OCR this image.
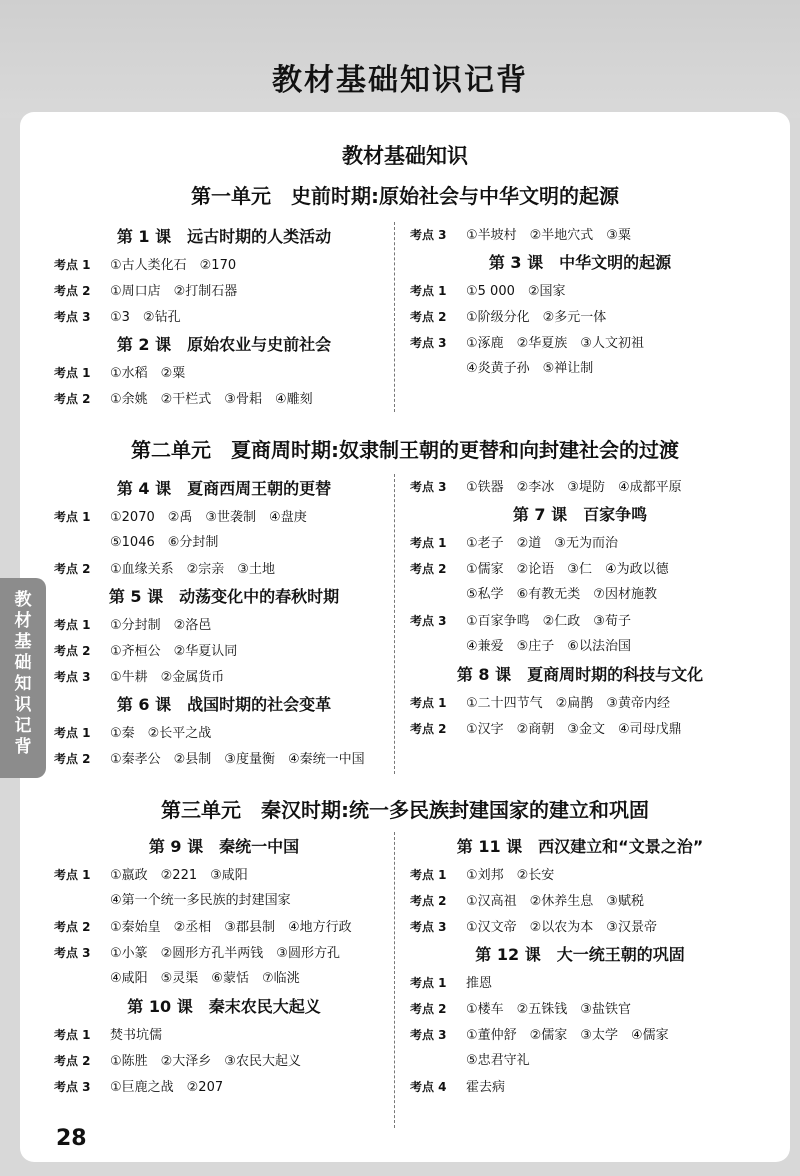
教材基础知识记背
教材基础知识
第一单元　史前时期:原始社会与中华文明的起源
第 1 课　远古时期的人类活动
考点 1 ①古人类化石　②170
考点 2 ①周口店　②打制石器
考点 3 ①3　②钻孔
第 2 课　原始农业与史前社会
考点 1 ①水稻　②粟
考点 2 ①余姚　②干栏式　③骨耜　④雕刻
考点 3 ①半坡村　②半地穴式　③粟
第 3 课　中华文明的起源
考点 1 ①5 000　②国家
考点 2 ①阶级分化　②多元一体
考点 3 ①涿鹿　②华夏族　③人文初祖
④炎黄子孙　⑤禅让制
第二单元　夏商周时期:奴隶制王朝的更替和向封建社会的过渡
第 4 课　夏商西周王朝的更替
考点 1 ①2070　②禹　③世袭制　④盘庚
⑤1046　⑥分封制
考点 2 ①血缘关系　②宗亲　③土地
第 5 课　动荡变化中的春秋时期
考点 1 ①分封制　②洛邑
考点 2 ①齐桓公　②华夏认同
考点 3 ①牛耕　②金属货币
第 6 课　战国时期的社会变革
考点 1 ①秦　②长平之战
考点 2 ①秦孝公　②县制　③度量衡　④秦统一中国
考点 3 ①铁器　②李冰　③堤防　④成都平原
第 7 课　百家争鸣
考点 1 ①老子　②道　③无为而治
考点 2 ①儒家　②论语　③仁　④为政以德
⑤私学　⑥有教无类　⑦因材施教
考点 3 ①百家争鸣　②仁政　③荀子
④兼爱　⑤庄子　⑥以法治国
第 8 课　夏商周时期的科技与文化
考点 1 ①二十四节气　②扁鹊　③黄帝内经
考点 2 ①汉字　②商朝　③金文　④司母戊鼎
第三单元　秦汉时期:统一多民族封建国家的建立和巩固
第 9 课　秦统一中国
考点 1 ①嬴政　②221　③咸阳
④第一个统一多民族的封建国家
考点 2 ①秦始皇　②丞相　③郡县制　④地方行政
考点 3 ①小篆　②圆形方孔半两钱　③圆形方孔
④咸阳　⑤灵渠　⑥蒙恬　⑦临洮
第 10 课　秦末农民大起义
考点 1 焚书坑儒
考点 2 ①陈胜　②大泽乡　③农民大起义
考点 3 ①巨鹿之战　②207
第 11 课　西汉建立和“文景之治”
考点 1 ①刘邦　②长安
考点 2 ①汉高祖　②休养生息　③赋税
考点 3 ①汉文帝　②以农为本　③汉景帝
第 12 课　大一统王朝的巩固
考点 1 推恩
考点 2 ①楼车　②五铢钱　③盐铁官
考点 3 ①董仲舒　②儒家　③太学　④儒家
⑤忠君守礼
考点 4 霍去病
教
材
基
础
知
识
记
背
28
